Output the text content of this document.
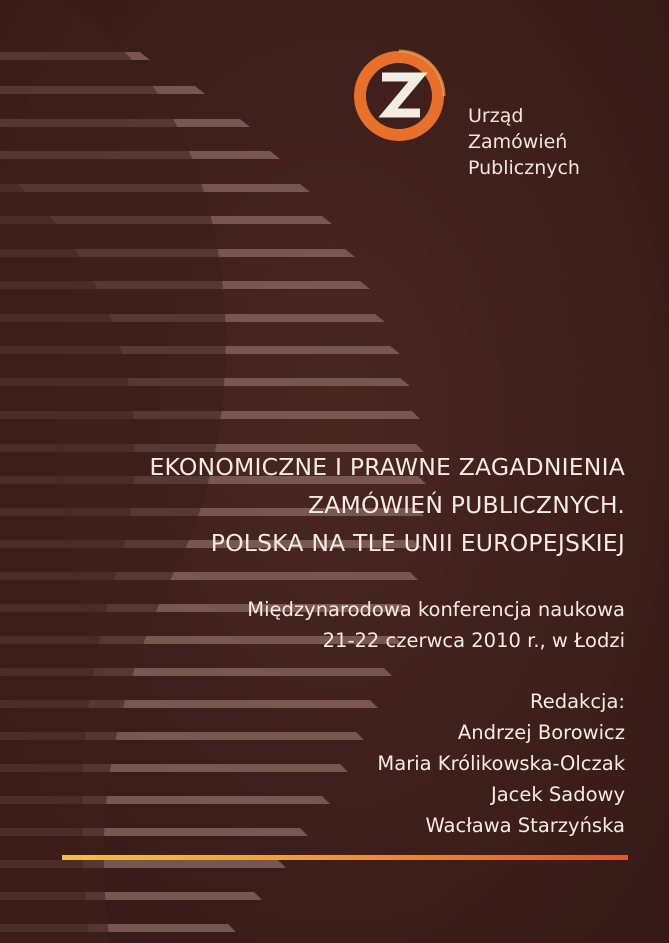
Urząd
Zamówień
Publicznych
EKONOMICZNE I PRAWNE ZAGADNIENIA
ZAMÓWIEŃ PUBLICZNYCH.
POLSKA NA TLE UNII EUROPEJSKIEJ
Międzynarodowa konferencja naukowa
21-22 czerwca 2010 r., w Łodzi
Redakcja:
Andrzej Borowicz
Maria Królikowska-Olczak
Jacek Sadowy
Wacława Starzyńska
